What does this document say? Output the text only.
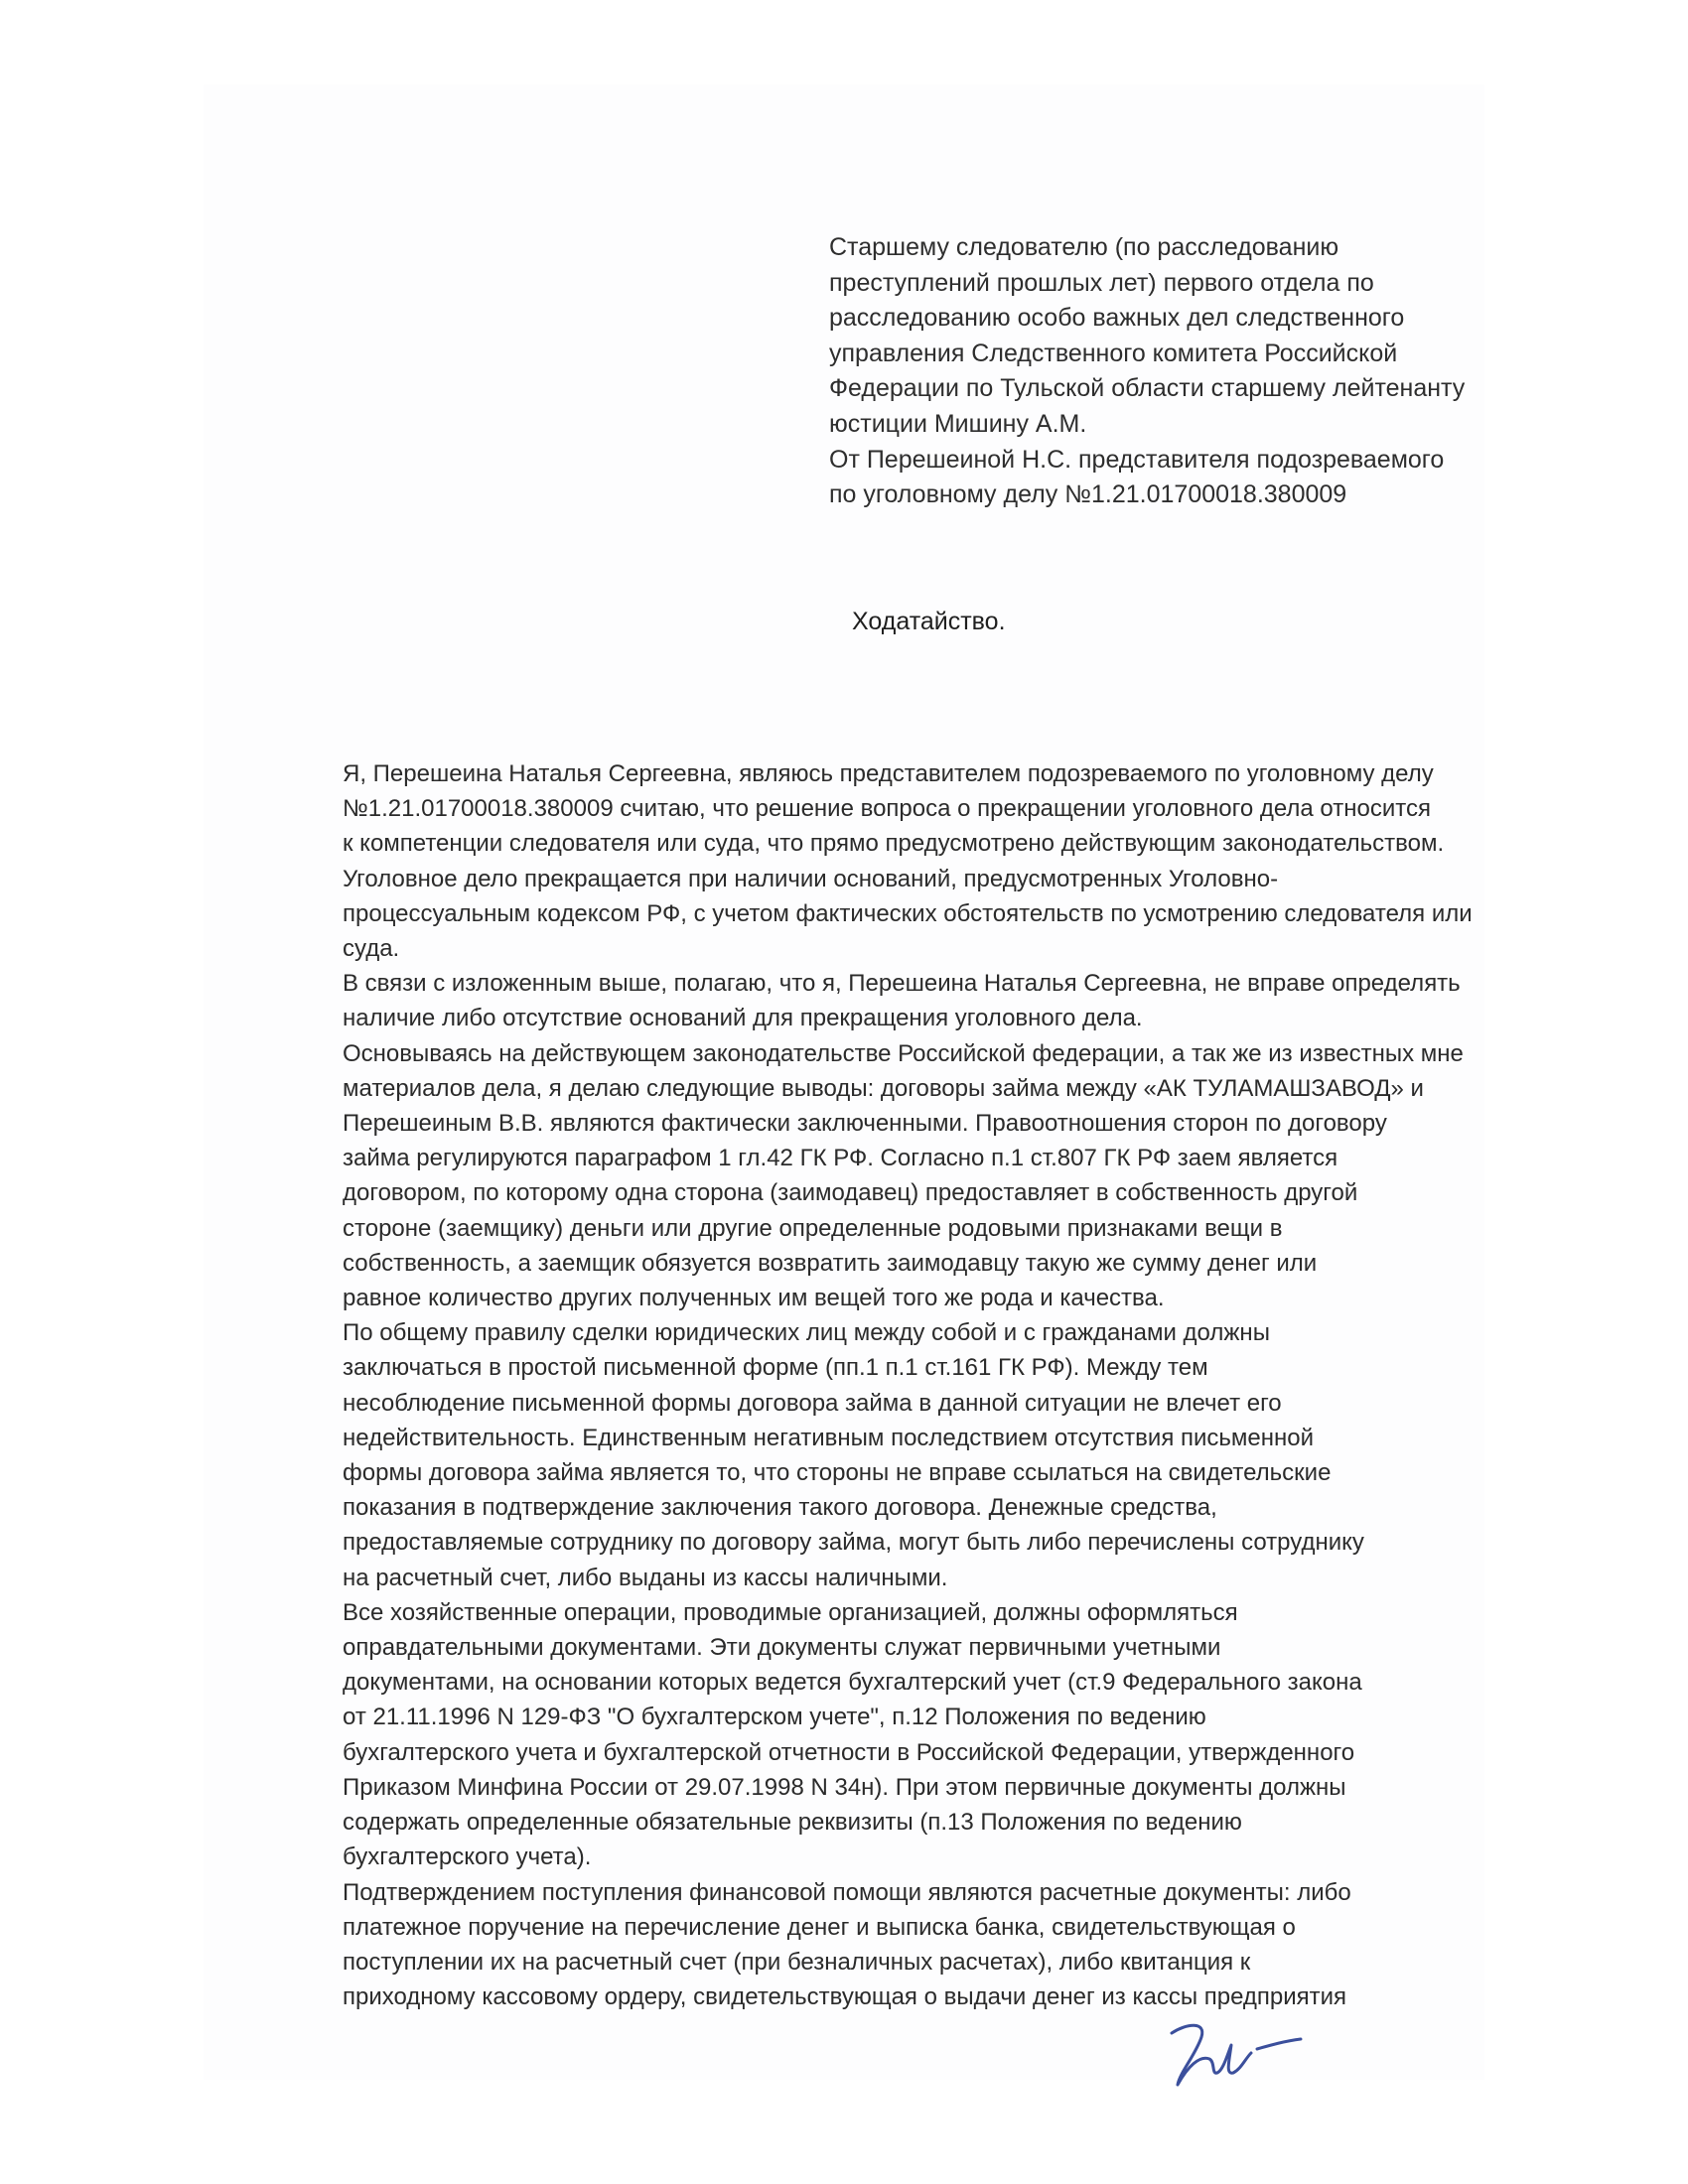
Старшему следователю (по расследованию
преступлений прошлых лет) первого отдела по
расследованию особо важных дел следственного
управления Следственного комитета Российской
Федерации по Тульской области старшему лейтенанту
юстиции Мишину А.М.
От Перешеиной Н.С. представителя подозреваемого
по уголовному делу №1.21.01700018.380009
Ходатайство.
Я, Перешеина Наталья Сергеевна, являюсь представителем подозреваемого по уголовному делу
№1.21.01700018.380009 считаю, что решение вопроса о прекращении уголовного дела относится
к компетенции следователя или суда, что прямо предусмотрено действующим законодательством.
Уголовное дело прекращается при наличии оснований, предусмотренных Уголовно-
процессуальным кодексом РФ, с учетом фактических обстоятельств по усмотрению следователя или
суда.
В связи с изложенным выше, полагаю, что я, Перешеина Наталья Сергеевна, не вправе определять
наличие либо отсутствие оснований для прекращения уголовного дела.
Основываясь на действующем законодательстве Российской федерации, а так же из известных мне
материалов дела, я делаю следующие выводы: договоры займа между «АК ТУЛАМАШЗАВОД» и
Перешеиным В.В. являются фактически заключенными. Правоотношения сторон по договору
займа регулируются параграфом 1 гл.42 ГК РФ. Согласно п.1 ст.807 ГК РФ заем является
договором, по которому одна сторона (заимодавец) предоставляет в собственность другой
стороне (заемщику) деньги или другие определенные родовыми признаками вещи в
собственность, а заемщик обязуется возвратить заимодавцу такую же сумму денег или
равное количество других полученных им вещей того же рода и качества.
По общему правилу сделки юридических лиц между собой и с гражданами должны
заключаться в простой письменной форме (пп.1 п.1 ст.161 ГК РФ). Между тем
несоблюдение письменной формы договора займа в данной ситуации не влечет его
недействительность. Единственным негативным последствием отсутствия письменной
формы договора займа является то, что стороны не вправе ссылаться на свидетельские
показания в подтверждение заключения такого договора. Денежные средства,
предоставляемые сотруднику по договору займа, могут быть либо перечислены сотруднику
на расчетный счет, либо выданы из кассы наличными.
Все хозяйственные операции, проводимые организацией, должны оформляться
оправдательными документами. Эти документы служат первичными учетными
документами, на основании которых ведется бухгалтерский учет (ст.9 Федерального закона
от 21.11.1996 N 129-ФЗ "О бухгалтерском учете", п.12 Положения по ведению
бухгалтерского учета и бухгалтерской отчетности в Российской Федерации, утвержденного
Приказом Минфина России от 29.07.1998 N 34н). При этом первичные документы должны
содержать определенные обязательные реквизиты (п.13 Положения по ведению
бухгалтерского учета).
Подтверждением поступления финансовой помощи являются расчетные документы: либо
платежное поручение на перечисление денег и выписка банка, свидетельствующая о
поступлении их на расчетный счет (при безналичных расчетах), либо квитанция к
приходному кассовому ордеру, свидетельствующая о выдачи денег из кассы предприятия
